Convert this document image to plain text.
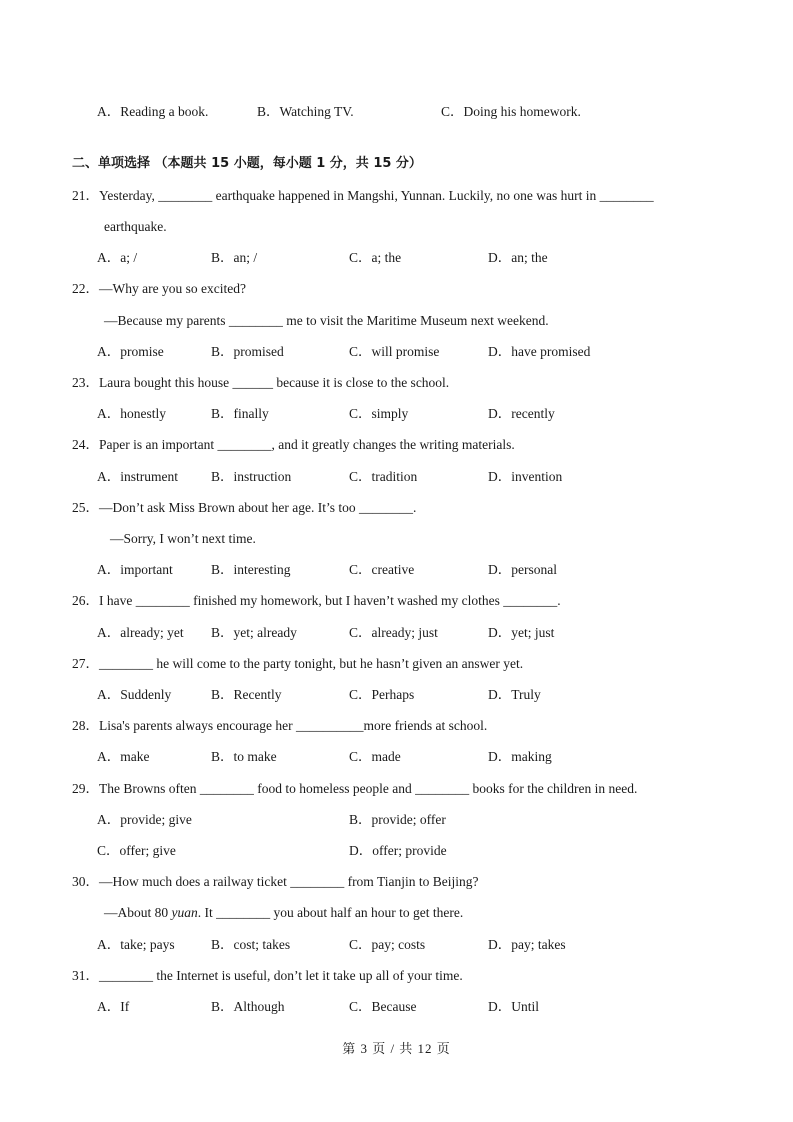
A．Reading a book.	B．Watching TV.	C．Doing his homework.
二、单项选择 （本题共 15 小题，每小题 1 分，共 15 分）
21．Yesterday, ________ earthquake happened in Mangshi, Yunnan. Luckily, no one was hurt in ________
earthquake.
A．a; /	B．an; /	C．a; the	D．an; the
22．—Why are you so excited?
—Because my parents ________ me to visit the Maritime Museum next weekend.
A．promise	B．promised	C．will promise	D．have promised
23．Laura bought this house ______ because it is close to the school.
A．honestly	B．finally	C．simply	D．recently
24．Paper is an important ________, and it greatly changes the writing materials.
A．instrument B．instruction	C．tradition	D．invention
25．—Don’t ask Miss Brown about her age. It’s too ________.
—Sorry, I won’t next time.
A．important	B．interesting	C．creative	D．personal
26．I have ________ finished my homework, but I haven’t washed my clothes ________.
A．already; yet B．yet; already	C．already; just	D．yet; just
27．________ he will come to the party tonight, but he hasn’t given an answer yet.
A．Suddenly	B．Recently	C．Perhaps	D．Truly
28．Lisa's parents always encourage her __________more friends at school.
A．make	B．to make	C．made	D．making
29．The Browns often ________ food to homeless people and ________ books for the children in need.
A．provide; give	B．provide; offer
C．offer; give	D．offer; provide
30．—How much does a railway ticket ________ from Tianjin to Beijing?
—About 80 yuan. It ________ you about half an hour to get there.
A．take; pays	B．cost; takes	C．pay; costs	D．pay; takes
31．________ the Internet is useful, don’t let it take up all of your time.
A．If	B．Although	C．Because	D．Until
第 3 页 / 共 12 页
